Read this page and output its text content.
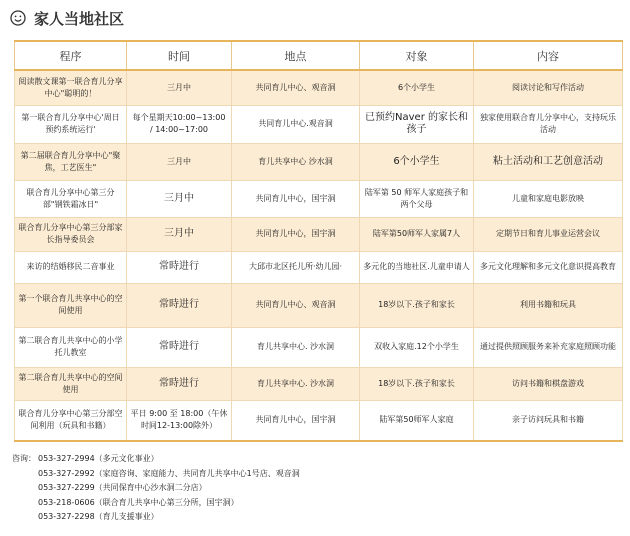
家人当地社区
程序	时间	地点	对象	内容
阅读散文课第一联合育儿分享中心"聪明的！	三月中	共同育儿中心、观音洞	6个小学生	阅读讨论和写作活动
第一联合育儿分享中心'周日预约系统运行'	每个星期天10:00~13:00 / 14:00~17:00	共同育儿中心.观音洞	已预约Naver 的家长和孩子	独家使用联合育儿分享中心，支持玩乐活动
第二届联合育儿分享中心"聚焦，工艺医生"	三月中	育儿共享中心 沙水洞	6个小学生	粘土活动和工艺创意活动
联合育儿分享中心第三分部"钢铁霜冰日"	三月中	共同育儿中心，国宇洞	陆军第 50 师军人家庭孩子和两个父母	儿童和家庭电影放映
联合育儿分享中心第三分部家长指导委员会	三月中	共同育儿中心，国宇洞	陆军第50师军人家属7人	定期节日和育儿事业运营会议
来访的结婚移民二音事业	常時进行	大邱市北区托儿所·幼儿园·	多元化的当地社区.儿童申请人	多元文化理解和多元文化意识提高教育
第一个联合育儿共享中心的空间使用	常時进行	共同育儿中心、观音洞	18岁以下.孩子和家长	利用书籍和玩具
第二联合育儿共享中心的小学托儿教室	常時进行	育儿共享中心. 沙水洞	双收入家庭.12个小学生	通过提供照顾服务来补充家庭照顾功能
第二联合育儿共享中心的空间使用	常時进行	育儿共享中心. 沙水洞	18岁以下.孩子和家长	访问书籍和棋盘游戏
联合育儿分享中心第三分部空间利用（玩具和书籍）	平日 9:00 至 18:00（午休时间12-13:00除外）	共同育儿中心，国宇洞	陆军第50师军人家庭	亲子访问玩具和书籍
咨询： 053-327-2994（多元文化事业）
053-327-2992（家庭咨询、家庭能力、共同育儿共享中心1号店、观音洞
053-327-2299（共同保育中心沙水洞二分店）
053-218-0606（联合育儿共享中心第三分所，国宇洞）
053-327-2298（育儿支援事业）
